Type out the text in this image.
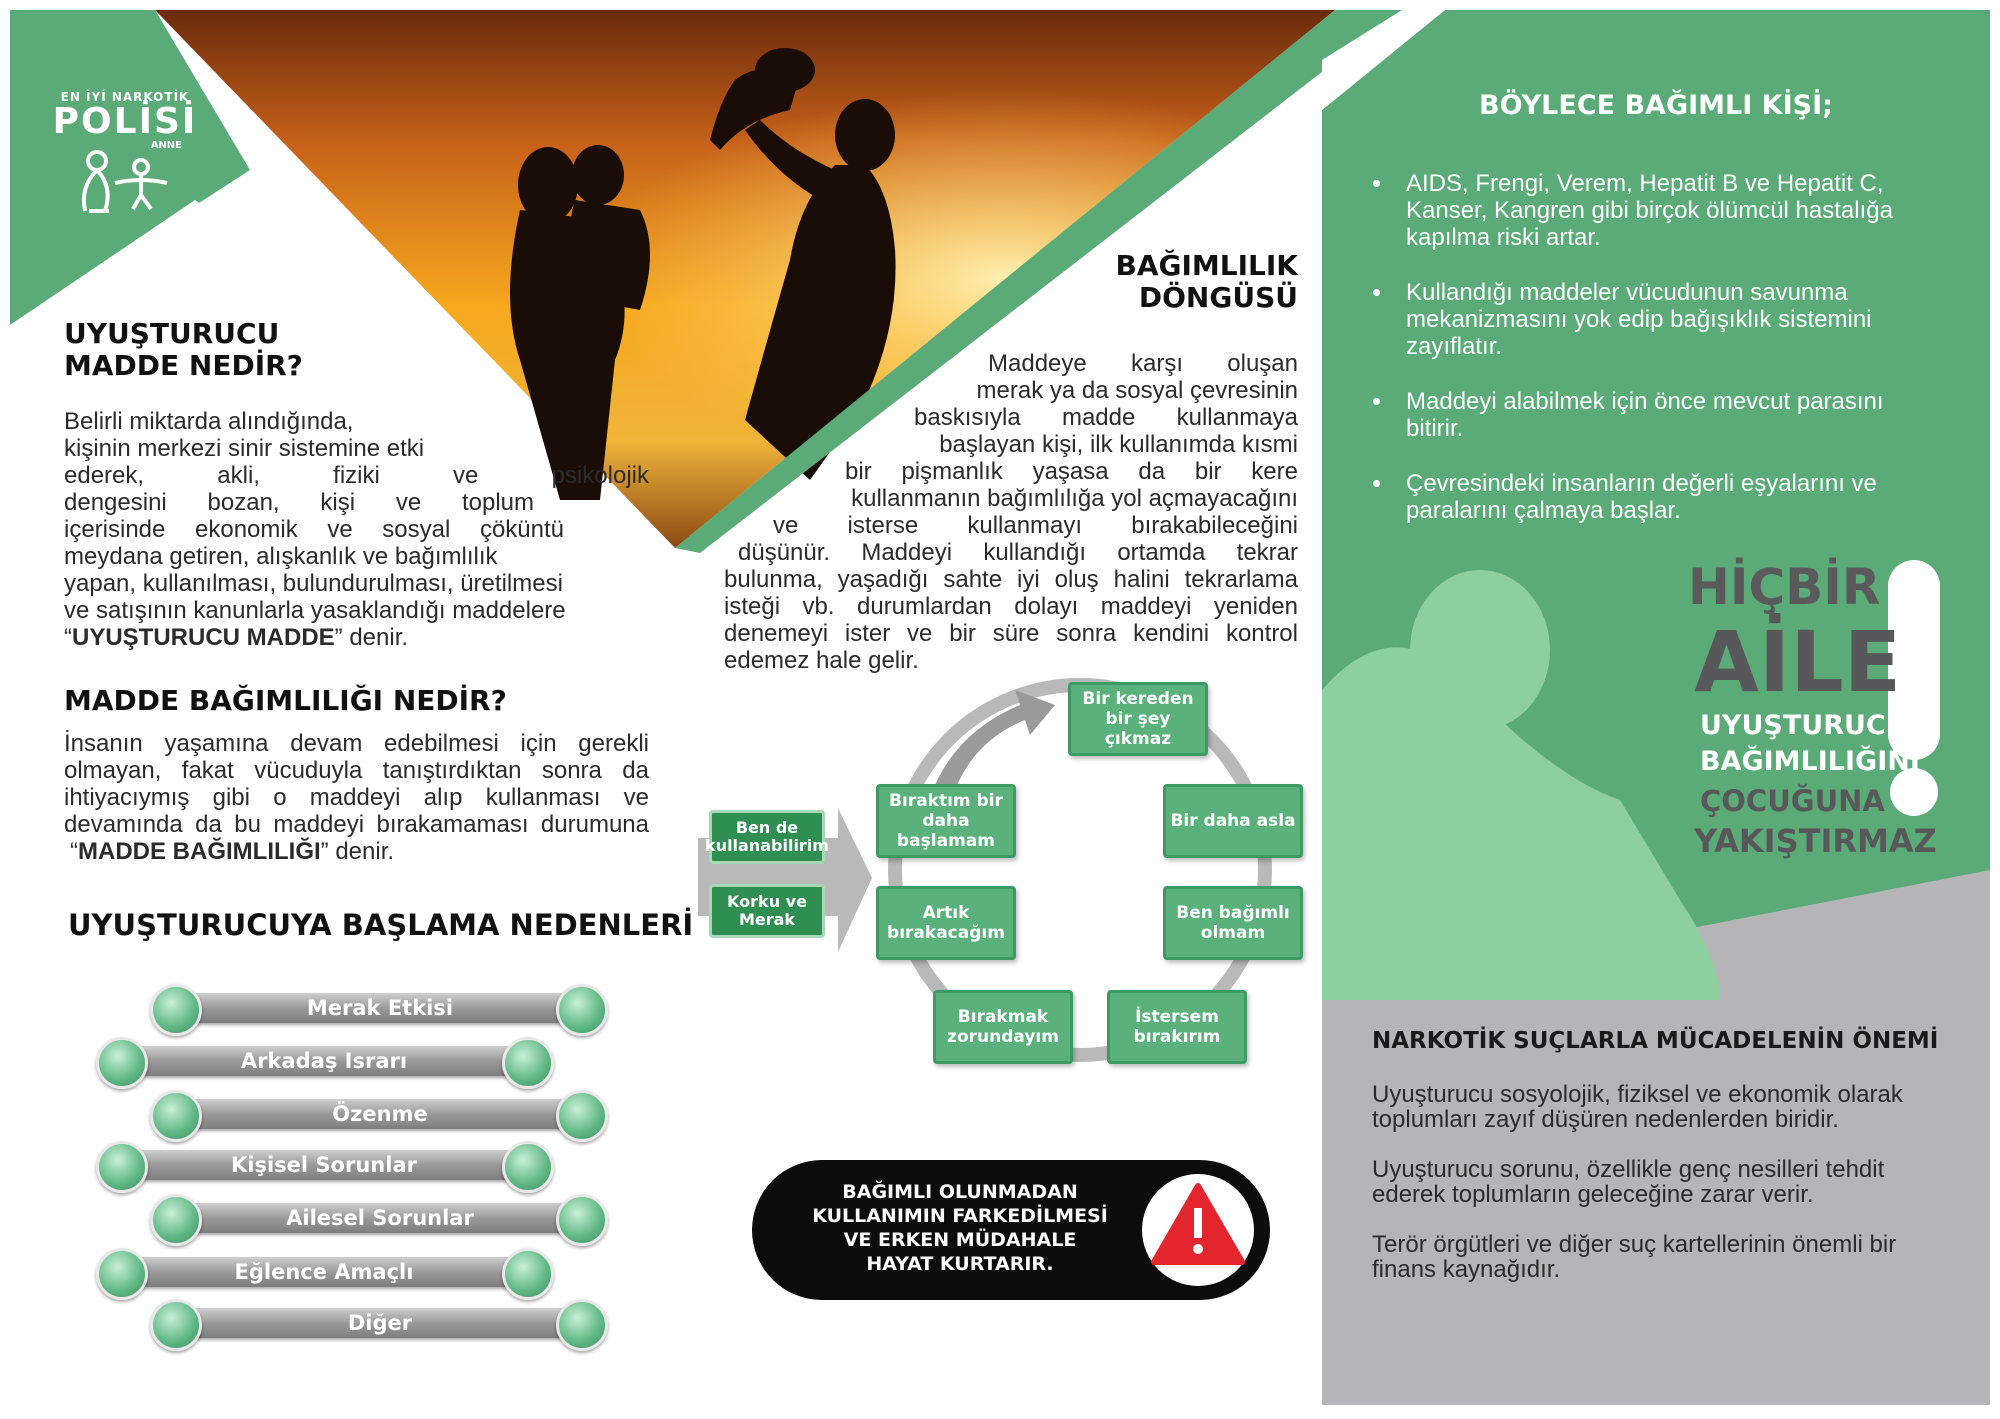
EN İYİ NARKOTİK
POLİSİ
ANNE
UYUŞTURUCU
MADDE NEDİR?
Belirli miktarda alındığında,
kişinin merkezi sinir sistemine etki
ederek, akli, fiziki ve psikolojik
dengesini bozan, kişi ve toplum
içerisinde ekonomik ve sosyal çöküntü
meydana getiren, alışkanlık ve bağımlılık
yapan, kullanılması, bulundurulması, üretilmesi
ve satışının kanunlarla yasaklandığı maddelere
“UYUŞTURUCU MADDE” denir.
MADDE BAĞIMLILIĞI NEDİR?
İnsanın yaşamına devam edebilmesi için gerekli
olmayan, fakat vücuduyla tanıştırdıktan sonra da
ihtiyacıymış gibi o maddeyi alıp kullanması ve
devamında da bu maddeyi bırakamaması durumuna
“MADDE BAĞIMLILIĞI” denir.
UYUŞTURUCUYA BAŞLAMA NEDENLERİ
Merak Etkisi
Arkadaş Israrı
Özenme
Kişisel Sorunlar
Ailesel Sorunlar
Eğlence Amaçlı
Diğer
BAĞIMLILIK
DÖNGÜSÜ
Maddeye karşı oluşan
merak ya da sosyal çevresinin
baskısıyla madde kullanmaya
başlayan kişi, ilk kullanımda kısmi
bir pişmanlık yaşasa da bir kere
kullanmanın bağımlılığa yol açmayacağını
ve isterse kullanmayı bırakabileceğini
düşünür. Maddeyi kullandığı ortamda tekrar
bulunma, yaşadığı sahte iyi oluş halini tekrarlama
isteği vb. durumlardan dolayı maddeyi yeniden
denemeyi ister ve bir süre sonra kendini kontrol
edemez hale gelir.
Ben de kullanabilirim
Korku ve Merak
Bir kereden bir şey çıkmaz
Bir daha asla
Ben bağımlı olmam
İstersem bırakırım
Bırakmak zorundayım
Artık bırakacağım
Bıraktım bir daha başlamam
BAĞIMLI OLUNMADAN
KULLANIMIN FARKEDİLMESİ
VE ERKEN MÜDAHALE
HAYAT KURTARIR.
BÖYLECE BAĞIMLI KİŞİ;
• AIDS, Frengi, Verem, Hepatit B ve Hepatit C, Kanser, Kangren gibi birçok ölümcül hastalığa kapılma riski artar.
• Kullandığı maddeler vücudunun savunma mekanizmasını yok edip bağışıklık sistemini zayıflatır.
• Maddeyi alabilmek için önce mevcut parasını bitirir.
• Çevresindeki insanların değerli eşyalarını ve paralarını çalmaya başlar.
HİÇBİR
AİLE
UYUŞTURUCU
BAĞIMLILIĞINI
ÇOCUĞUNA
YAKIŞTIRMAZ
NARKOTİK SUÇLARLA MÜCADELENİN ÖNEMİ

Uyuşturucu sosyolojik, fiziksel ve ekonomik olarak toplumları zayıf düşüren nedenlerden biridir.

Uyuşturucu sorunu, özellikle genç nesilleri tehdit ederek toplumların geleceğine zarar verir.

Terör örgütleri ve diğer suç kartellerinin önemli bir finans kaynağıdır.
